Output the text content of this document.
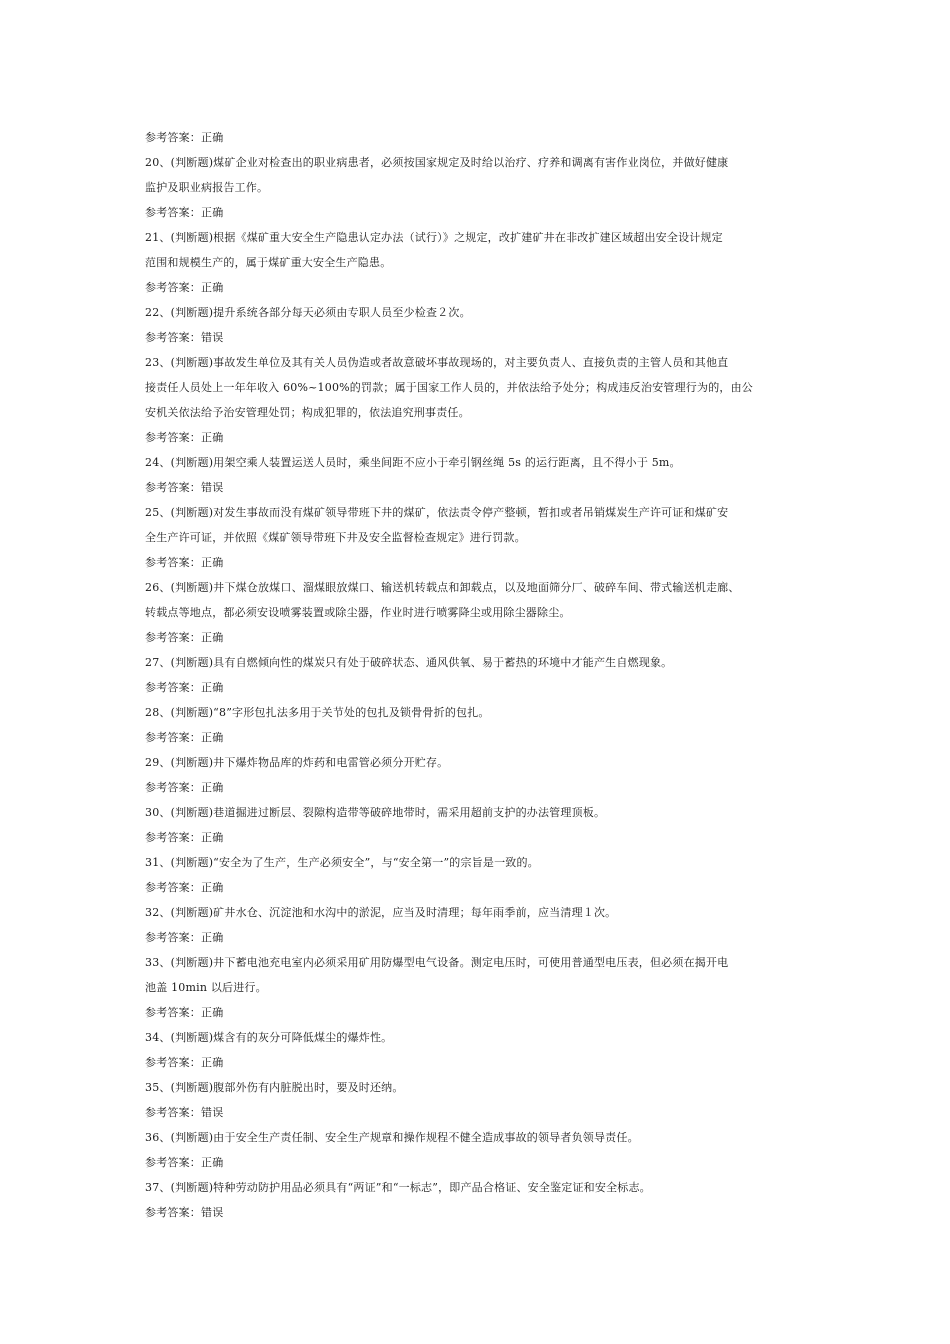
参考答案：正确
20、(判断题)煤矿企业对检查出的职业病患者，必须按国家规定及时给以治疗、疗养和调离有害作业岗位，并做好健康
监护及职业病报告工作。
参考答案：正确
21、(判断题)根据《煤矿重大安全生产隐患认定办法（试行）》之规定，改扩建矿井在非改扩建区域超出安全设计规定
范围和规模生产的，属于煤矿重大安全生产隐患。
参考答案：正确
22、(判断题)提升系统各部分每天必须由专职人员至少检查２次。
参考答案：错误
23、(判断题)事故发生单位及其有关人员伪造或者故意破坏事故现场的，对主要负责人、直接负责的主管人员和其他直
接责任人员处上一年年收入 60%~100%的罚款；属于国家工作人员的，并依法给予处分；构成违反治安管理行为的，由公
安机关依法给予治安管理处罚；构成犯罪的，依法追究刑事责任。
参考答案：正确
24、(判断题)用架空乘人装置运送人员时，乘坐间距不应小于牵引钢丝绳 5s 的运行距离，且不得小于 5m。
参考答案：错误
25、(判断题)对发生事故而没有煤矿领导带班下井的煤矿，依法责令停产整顿，暂扣或者吊销煤炭生产许可证和煤矿安
全生产许可证，并依照《煤矿领导带班下井及安全监督检查规定》进行罚款。
参考答案：正确
26、(判断题)井下煤仓放煤口、溜煤眼放煤口、输送机转载点和卸载点，以及地面筛分厂、破碎车间、带式输送机走廊、
转载点等地点，都必须安设喷雾装置或除尘器，作业时进行喷雾降尘或用除尘器除尘。
参考答案：正确
27、(判断题)具有自燃倾向性的煤炭只有处于破碎状态、通风供氧、易于蓄热的环境中才能产生自燃现象。
参考答案：正确
28、(判断题)“8”字形包扎法多用于关节处的包扎及锁骨骨折的包扎。
参考答案：正确
29、(判断题)井下爆炸物品库的炸药和电雷管必须分开贮存。
参考答案：正确
30、(判断题)巷道掘进过断层、裂隙构造带等破碎地带时，需采用超前支护的办法管理顶板。
参考答案：正确
31、(判断题)“安全为了生产，生产必须安全”，与“安全第一”的宗旨是一致的。
参考答案：正确
32、(判断题)矿井水仓、沉淀池和水沟中的淤泥，应当及时清理；每年雨季前，应当清理１次。
参考答案：正确
33、(判断题)井下蓄电池充电室内必须采用矿用防爆型电气设备。测定电压时，可使用普通型电压表，但必须在揭开电
池盖 10min 以后进行。
参考答案：正确
34、(判断题)煤含有的灰分可降低煤尘的爆炸性。
参考答案：正确
35、(判断题)腹部外伤有内脏脱出时，要及时还纳。
参考答案：错误
36、(判断题)由于安全生产责任制、安全生产规章和操作规程不健全造成事故的领导者负领导责任。
参考答案：正确
37、(判断题)特种劳动防护用品必须具有“两证”和“一标志”，即产品合格证、安全鉴定证和安全标志。
参考答案：错误
